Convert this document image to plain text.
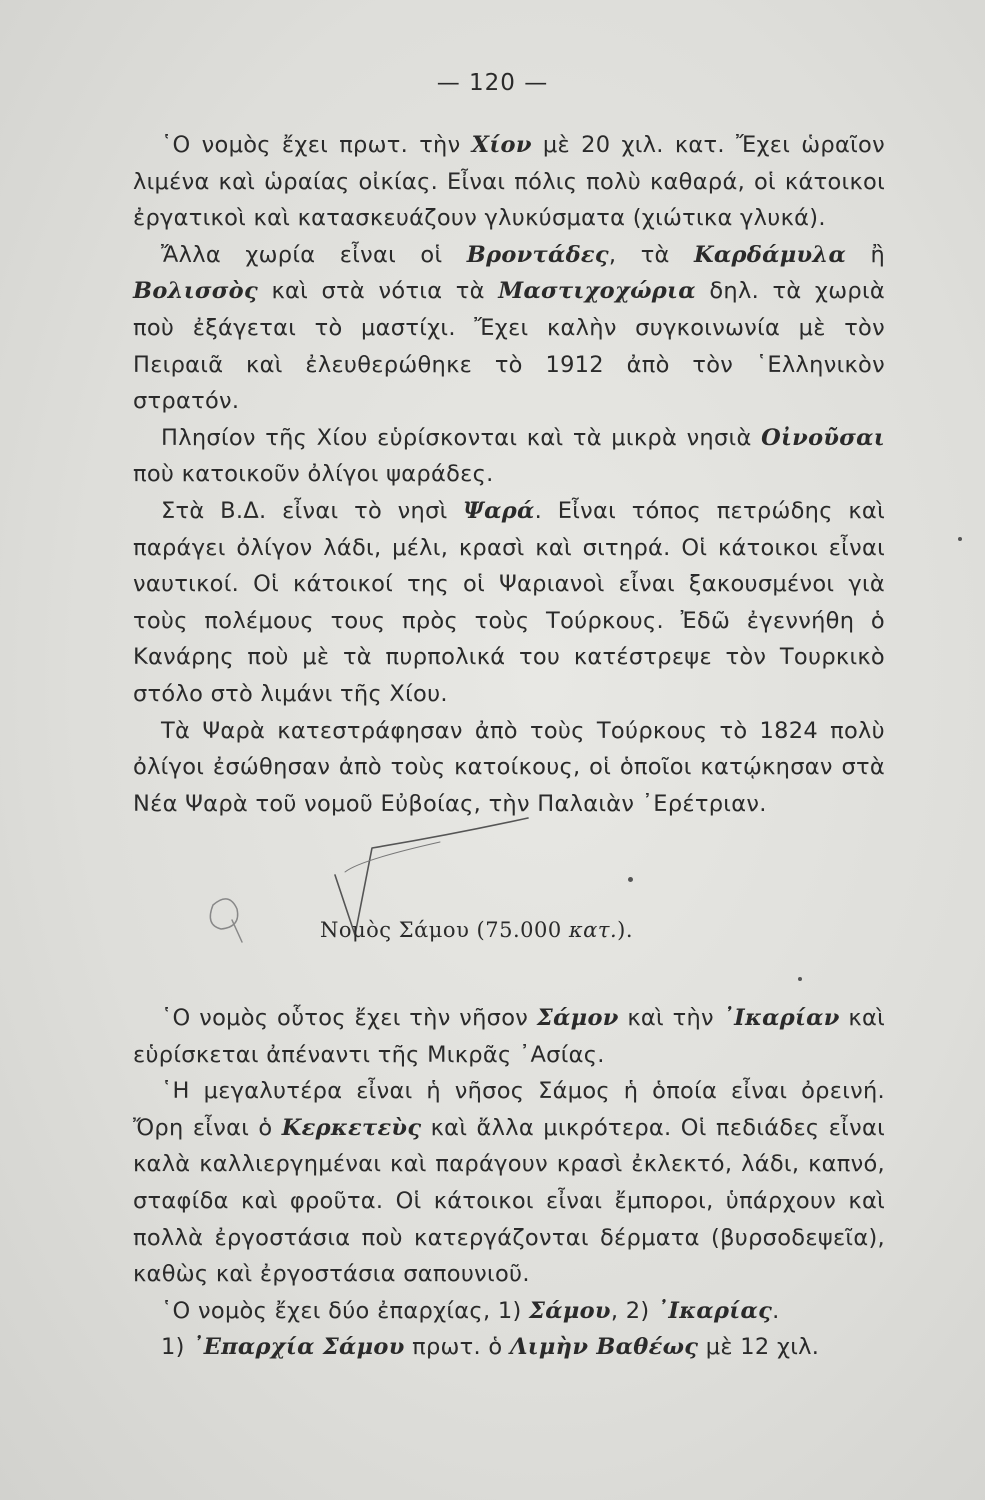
— 120 —

῾Ο νομὸς ἔχει πρωτ. τὴν Χίον μὲ 20 χιλ. κατ. Ἔχει ὡραῖον λιμένα καὶ ὡραίας οἰκίας. Εἶναι πόλις πολὺ καθαρά, οἱ κάτοικοι ἐργατικοὶ καὶ κατασκευάζουν γλυκύσματα (χιώτικα γλυκά).

Ἄλλα χωρία εἶναι οἱ Βροντάδες, τὰ Καρδάμυλα ἢ Βολισσὸς καὶ στὰ νότια τὰ Μαστιχοχώρια δηλ. τὰ χωριὰ ποὺ ἐξάγεται τὸ μαστίχι. Ἔχει καλὴν συγκοινωνία μὲ τὸν Πειραιᾶ καὶ ἐλευθερώθηκε τὸ 1912 ἀπὸ τὸν ῾Ελληνικὸν στρατόν.

Πλησίον τῆς Χίου εὑρίσκονται καὶ τὰ μικρὰ νησιὰ Οἰνοῦσαι ποὺ κατοικοῦν ὀλίγοι ψαράδες.

Στὰ Β.Δ. εἶναι τὸ νησὶ Ψαρά. Εἶναι τόπος πετρώδης καὶ παράγει ὀλίγον λάδι, μέλι, κρασὶ καὶ σιτηρά. Οἱ κάτοικοι εἶναι ναυτικοί. Οἱ κάτοικοί της οἱ Ψαριανοὶ εἶναι ξακουσμένοι γιὰ τοὺς πολέμους τους πρὸς τοὺς Τούρκους. Ἐδῶ ἐγεννήθη ὁ Κανάρης ποὺ μὲ τὰ πυρπολικά του κατέστρεψε τὸν Τουρκικὸ στόλο στὸ λιμάνι τῆς Χίου.

Τὰ Ψαρὰ κατεστράφησαν ἀπὸ τοὺς Τούρκους τὸ 1824 πολὺ ὀλίγοι ἐσώθησαν ἀπὸ τοὺς κατοίκους, οἱ ὁποῖοι κατῴκησαν στὰ Νέα Ψαρὰ τοῦ νομοῦ Εὐβοίας, τὴν Παλαιὰν ᾿Ερέτριαν.

Νομὸς Σάμου (75.000 κατ.).

῾Ο νομὸς οὗτος ἔχει τὴν νῆσον Σάμον καὶ τὴν ᾿Ικαρίαν καὶ εὑρίσκεται ἀπέναντι τῆς Μικρᾶς ᾿Ασίας.

῾Η μεγαλυτέρα εἶναι ἡ νῆσος Σάμος ἡ ὁποία εἶναι ὀρεινή. Ὄρη εἶναι ὁ Κερκετεὺς καὶ ἄλλα μικρότερα. Οἱ πεδιάδες εἶναι καλὰ καλλιεργημέναι καὶ παράγουν κρασὶ ἐκλεκτό, λάδι, καπνό, σταφίδα καὶ φροῦτα. Οἱ κάτοικοι εἶναι ἔμποροι, ὑπάρχουν καὶ πολλὰ ἐργοστάσια ποὺ κατεργάζονται δέρματα (βυρσοδεψεῖα), καθὼς καὶ ἐργοστάσια σαπουνιοῦ.

῾Ο νομὸς ἔχει δύο ἐπαρχίας, 1) Σάμου, 2) ᾿Ικαρίας.

1) ᾿Επαρχία Σάμου πρωτ. ὁ Λιμὴν Βαθέως μὲ 12 χιλ.
